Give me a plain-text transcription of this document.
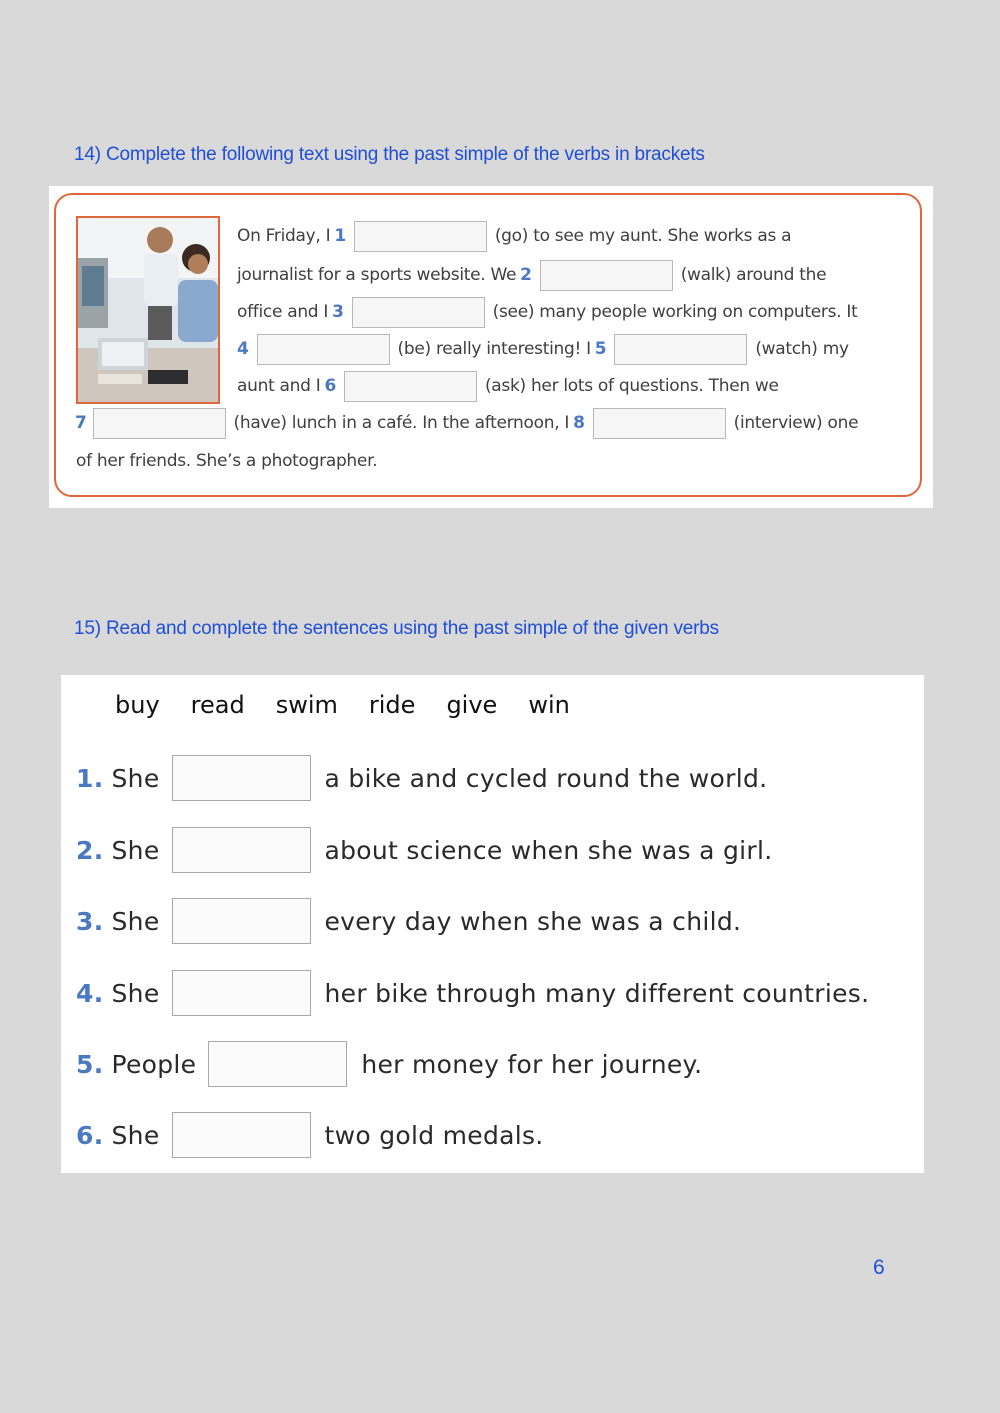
14) Complete the following text using the past simple of the verbs in brackets
On Friday, I 1	(go) to see my aunt. She works as a
journalist for a sports website. We 2	(walk) around the
office and I 3	(see) many people working on computers. It
4	(be) really interesting! I 5	(watch) my
aunt and I 6	(ask) her lots of questions. Then we
7	(have) lunch in a café. In the afternoon, I 8	(interview) one
of her friends. She’s a photographer.
15) Read and complete the sentences using the past simple of the given verbs
buy read swim ride give win
1. She	a bike and cycled round the world.
2. She	about science when she was a girl.
3. She	every day when she was a child.
4. She	her bike through many different countries.
5. People	her money for her journey.
6. She	two gold medals.
6
